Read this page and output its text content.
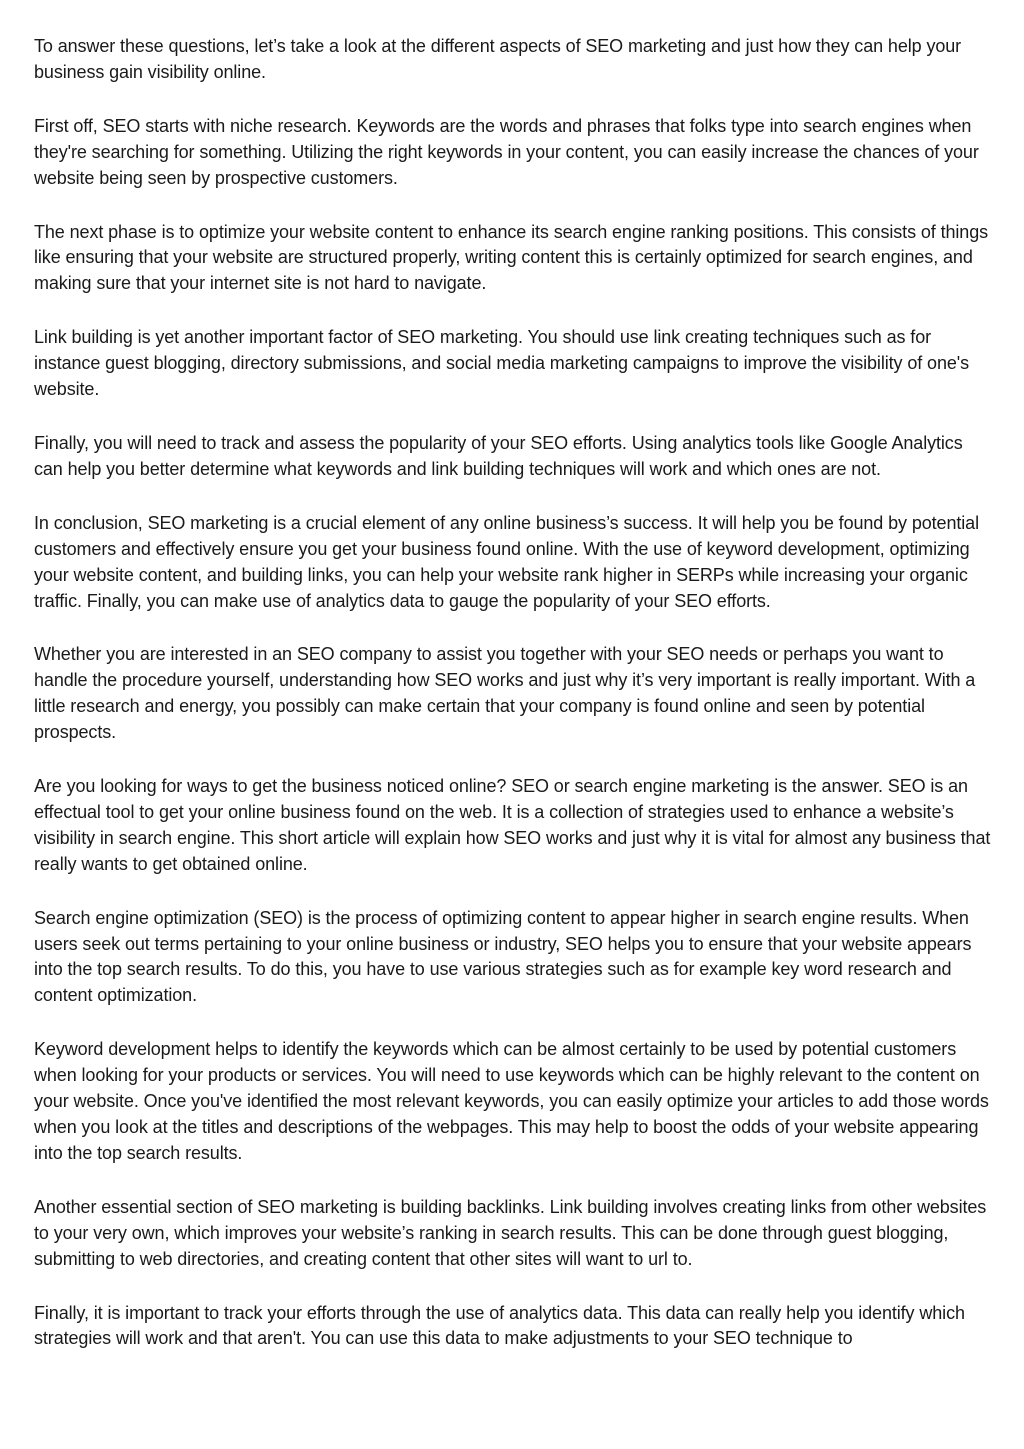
To answer these questions, let’s take a look at the different aspects of SEO marketing and just how they can help your business gain visibility online.

First off, SEO starts with niche research. Keywords are the words and phrases that folks type into search engines when they're searching for something. Utilizing the right keywords in your content, you can easily increase the chances of your website being seen by prospective customers.

The next phase is to optimize your website content to enhance its search engine ranking positions. This consists of things like ensuring that your website are structured properly, writing content this is certainly optimized for search engines, and making sure that your internet site is not hard to navigate.

Link building is yet another important factor of SEO marketing. You should use link creating techniques such as for instance guest blogging, directory submissions, and social media marketing campaigns to improve the visibility of one's website.

Finally, you will need to track and assess the popularity of your SEO efforts. Using analytics tools like Google Analytics can help you better determine what keywords and link building techniques will work and which ones are not.

In conclusion, SEO marketing is a crucial element of any online business’s success. It will help you be found by potential customers and effectively ensure you get your business found online. With the use of keyword development, optimizing your website content, and building links, you can help your website rank higher in SERPs while increasing your organic traffic. Finally, you can make use of analytics data to gauge the popularity of your SEO efforts.

Whether you are interested in an SEO company to assist you together with your SEO needs or perhaps you want to handle the procedure yourself, understanding how SEO works and just why it’s very important is really important. With a little research and energy, you possibly can make certain that your company is found online and seen by potential prospects.

Are you looking for ways to get the business noticed online? SEO or search engine marketing is the answer. SEO is an effectual tool to get your online business found on the web. It is a collection of strategies used to enhance a website’s visibility in search engine. This short article will explain how SEO works and just why it is vital for almost any business that really wants to get obtained online.

Search engine optimization (SEO) is the process of optimizing content to appear higher in search engine results. When users seek out terms pertaining to your online business or industry, SEO helps you to ensure that your website appears into the top search results. To do this, you have to use various strategies such as for example key word research and content optimization.

Keyword development helps to identify the keywords which can be almost certainly to be used by potential customers when looking for your products or services. You will need to use keywords which can be highly relevant to the content on your website. Once you've identified the most relevant keywords, you can easily optimize your articles to add those words when you look at the titles and descriptions of the webpages. This may help to boost the odds of your website appearing into the top search results.

Another essential section of SEO marketing is building backlinks. Link building involves creating links from other websites to your very own, which improves your website’s ranking in search results. This can be done through guest blogging, submitting to web directories, and creating content that other sites will want to url to.

Finally, it is important to track your efforts through the use of analytics data. This data can really help you identify which strategies will work and that aren't. You can use this data to make adjustments to your SEO technique to
